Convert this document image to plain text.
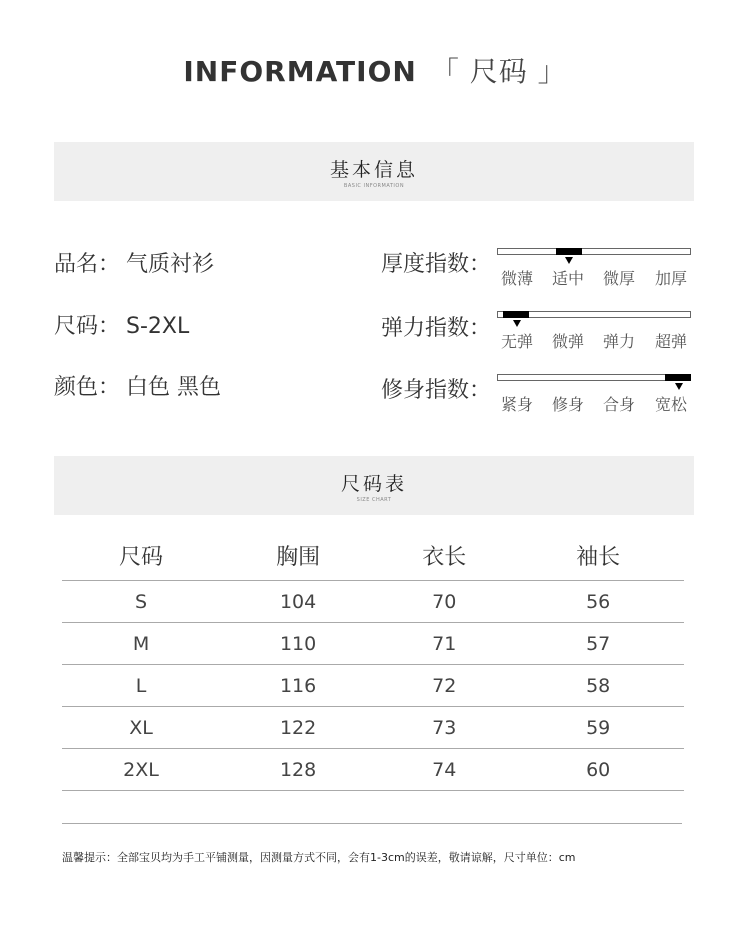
INFORMATION 「 尺码 」
基本信息
BASIC INFORMATION
品名： 气质衬衫
尺码： S-2XL
颜色： 白色 黑色
厚度指数：
微薄 适中 微厚 加厚
弹力指数：
无弹 微弹 弹力 超弹
修身指数：
紧身 修身 合身 宽松
尺码表
SIZE CHART
尺码	胸围	衣长	袖长
S	104	70	56
M	110	71	57
L	116	72	58
XL	122	73	59
2XL	128	74	60
温馨提示：全部宝贝均为手工平铺测量，因测量方式不同，会有1-3cm的误差，敬请谅解，尺寸单位：cm
